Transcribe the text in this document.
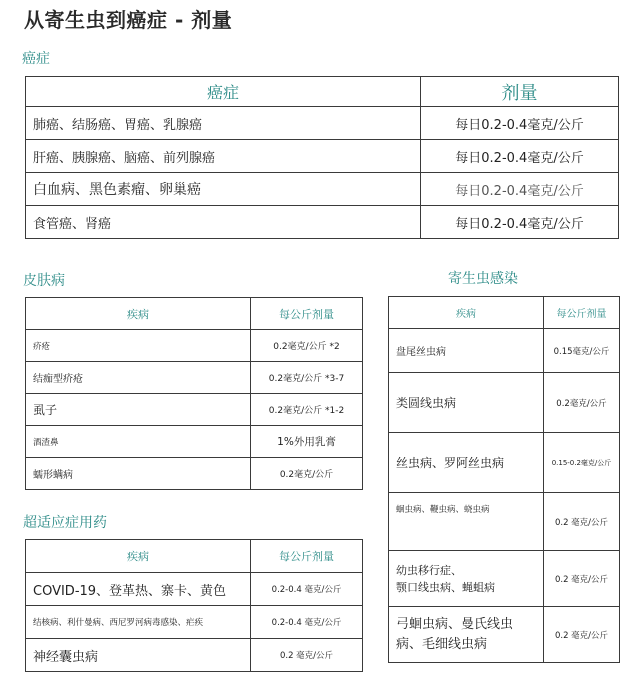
从寄生虫到癌症 - 剂量
癌症
癌症	剂量
肺癌、结肠癌、胃癌、乳腺癌	每日0.2-0.4毫克/公斤
肝癌、胰腺癌、脑癌、前列腺癌	每日0.2-0.4毫克/公斤
白血病、黑色素瘤、卵巢癌	每日0.2-0.4毫克/公斤
食管癌、肾癌	每日0.2-0.4毫克/公斤
皮肤病
疾病	每公斤剂量
疥疮	0.2毫克/公斤 *2
结痂型疥疮	0.2毫克/公斤 *3-7
虱子	0.2毫克/公斤 *1-2
酒渣鼻	1%外用乳膏
蠕形螨病	0.2毫克/公斤
超适应症用药
疾病	每公斤剂量
COVID-19、登革热、寨卡、黄色	0.2-0.4 毫克/公斤
结核病、利什曼病、西尼罗河病毒感染、疟疾	0.2-0.4 毫克/公斤
神经囊虫病	0.2 毫克/公斤
寄生虫感染
疾病	每公斤剂量
盘尾丝虫病	0.15毫克/公斤
类圆线虫病	0.2毫克/公斤
丝虫病、罗阿丝虫病	0.15-0.2毫克/公斤
蛔虫病、鞭虫病、蛲虫病	0.2 毫克/公斤

幼虫移行症、
颚口线虫病、蝇蛆病	0.2 毫克/公斤

弓蛔虫病、曼氏线虫
病、毛细线虫病	0.2 毫克/公斤
